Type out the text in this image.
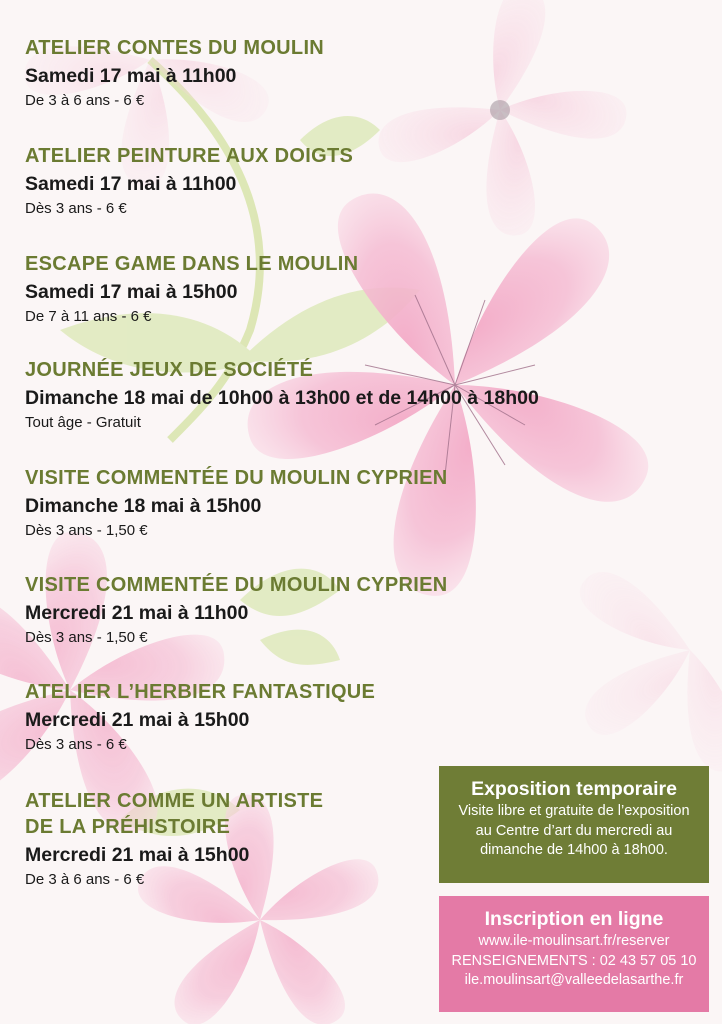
ATELIER CONTES DU MOULIN
Samedi 17 mai à 11h00
De 3 à 6 ans - 6 €
ATELIER PEINTURE AUX DOIGTS
Samedi 17 mai à 11h00
Dès 3 ans - 6 €
ESCAPE GAME DANS LE MOULIN
Samedi 17 mai à 15h00
De 7 à 11 ans - 6 €
JOURNÉE JEUX DE SOCIÉTÉ
Dimanche 18 mai de 10h00 à 13h00 et de 14h00 à 18h00
Tout âge - Gratuit
VISITE COMMENTÉE DU MOULIN CYPRIEN
Dimanche 18 mai à 15h00
Dès 3 ans - 1,50 €
VISITE COMMENTÉE DU MOULIN CYPRIEN
Mercredi 21 mai à 11h00
Dès 3 ans - 1,50 €
ATELIER L’HERBIER FANTASTIQUE
Mercredi 21 mai à 15h00
Dès 3 ans - 6 €
ATELIER COMME UN ARTISTE
DE LA PRÉHISTOIRE
Mercredi 21 mai à 15h00
De 3 à 6 ans - 6 €
Exposition temporaire
Visite libre et gratuite de l’exposition
au Centre d’art du mercredi au
dimanche de 14h00 à 18h00.
Inscription en ligne
www.ile-moulinsart.fr/reserver
RENSEIGNEMENTS : 02 43 57 05 10
ile.moulinsart@valleedelasarthe.fr
